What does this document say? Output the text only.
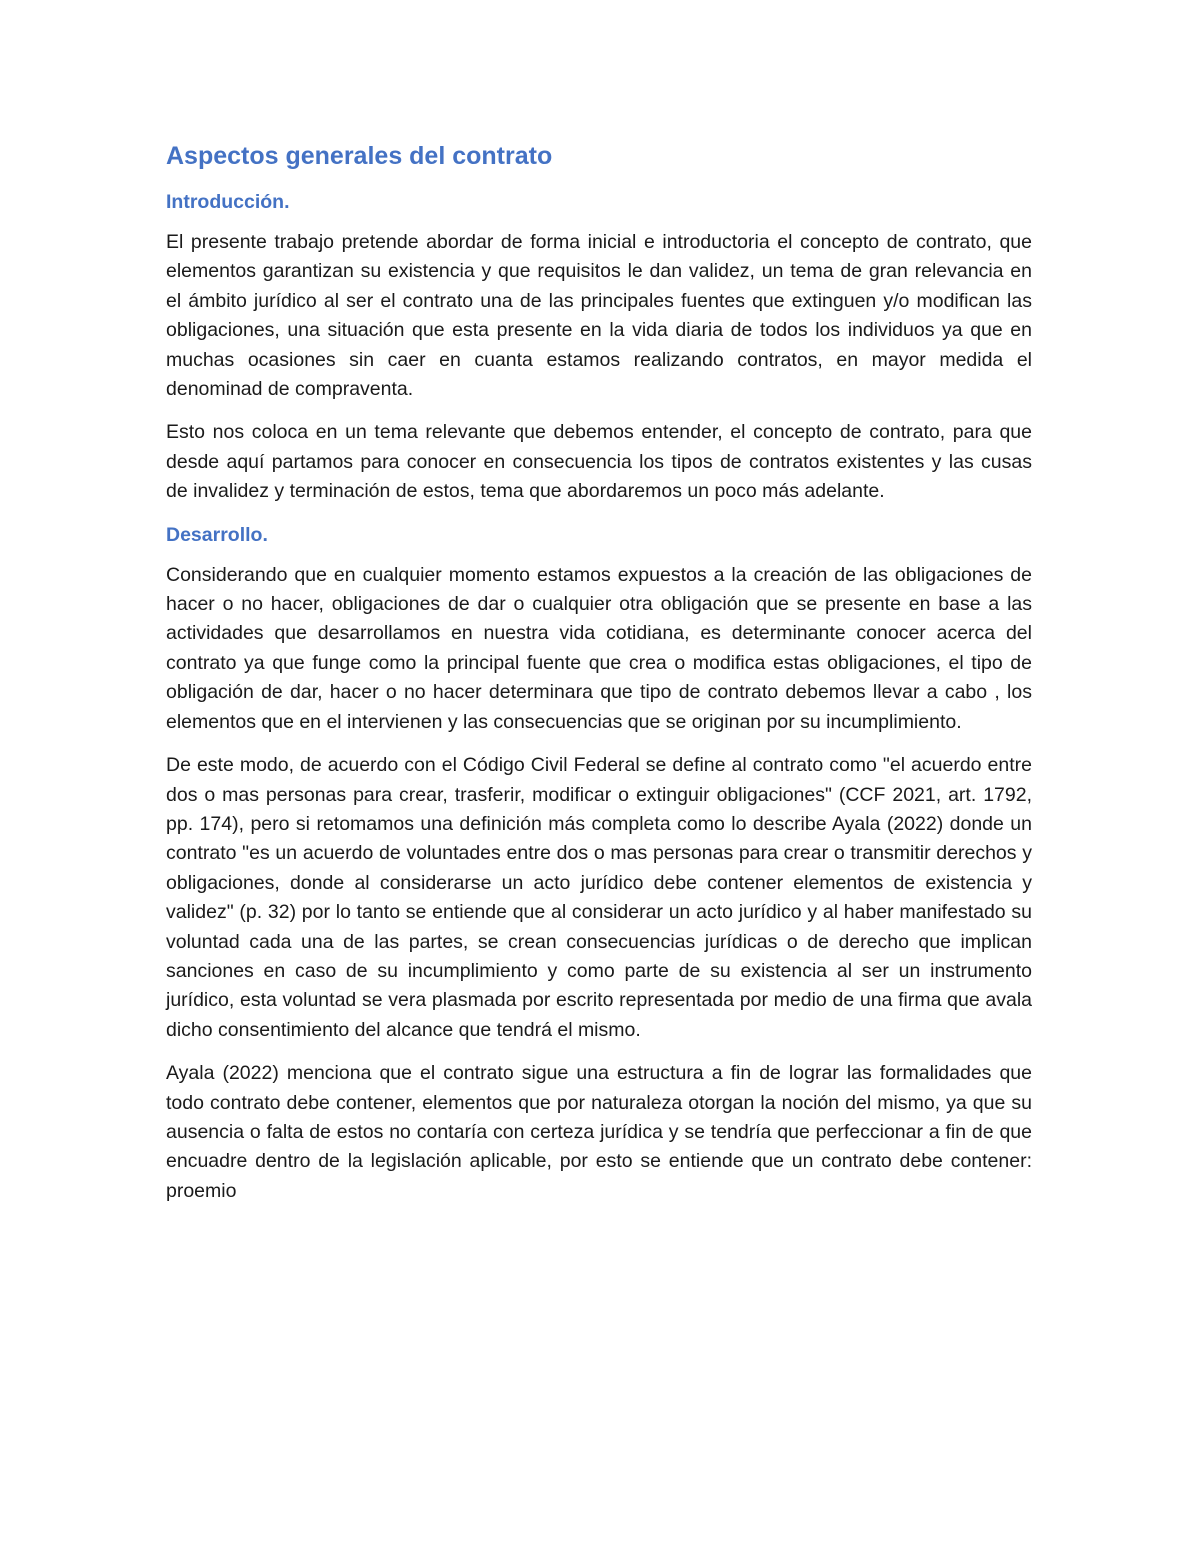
Aspectos generales del contrato
Introducción.

El presente trabajo pretende abordar de forma inicial e introductoria el concepto de contrato, que elementos garantizan su existencia y que requisitos le dan validez, un tema de gran relevancia en el ámbito jurídico al ser el contrato una de las principales fuentes que extinguen y/o modifican las obligaciones, una situación que esta presente en la vida diaria de todos los individuos ya que en muchas ocasiones sin caer en cuanta estamos realizando contratos, en mayor medida el denominad de compraventa.

Esto nos coloca en un tema relevante que debemos entender, el concepto de contrato, para que desde aquí partamos para conocer en consecuencia los tipos de contratos existentes y las cusas de invalidez y terminación de estos, tema que abordaremos un poco más adelante.

Desarrollo.

Considerando que en cualquier momento estamos expuestos a la creación de las obligaciones de hacer o no hacer, obligaciones de dar o cualquier otra obligación que se presente en base a las actividades que desarrollamos en nuestra vida cotidiana, es determinante conocer acerca del contrato ya que funge como la principal fuente que crea o modifica estas obligaciones, el tipo de obligación de dar, hacer o no hacer determinara que tipo de contrato debemos llevar a cabo , los elementos que en el intervienen y las consecuencias que se originan por su incumplimiento.

De este modo, de acuerdo con el Código Civil Federal se define al contrato como "el acuerdo entre dos o mas personas para crear, trasferir, modificar o extinguir obligaciones" (CCF 2021, art. 1792, pp. 174), pero si retomamos una definición más completa como lo describe Ayala (2022) donde un contrato "es un acuerdo de voluntades entre dos o mas personas para crear o transmitir derechos y obligaciones, donde al considerarse un acto jurídico debe contener elementos de existencia y validez" (p. 32) por lo tanto se entiende que al considerar un acto jurídico y al haber manifestado su voluntad cada una de las partes, se crean consecuencias jurídicas o de derecho que implican sanciones en caso de su incumplimiento y como parte de su existencia al ser un instrumento jurídico, esta voluntad se vera plasmada por escrito representada por medio de una firma que avala dicho consentimiento del alcance que tendrá el mismo.

Ayala (2022) menciona que el contrato sigue una estructura a fin de lograr las formalidades que todo contrato debe contener, elementos que por naturaleza otorgan la noción del mismo, ya que su ausencia o falta de estos no contaría con certeza jurídica y se tendría que perfeccionar a fin de que encuadre dentro de la legislación aplicable, por esto se entiende que un contrato debe contener: proemio
